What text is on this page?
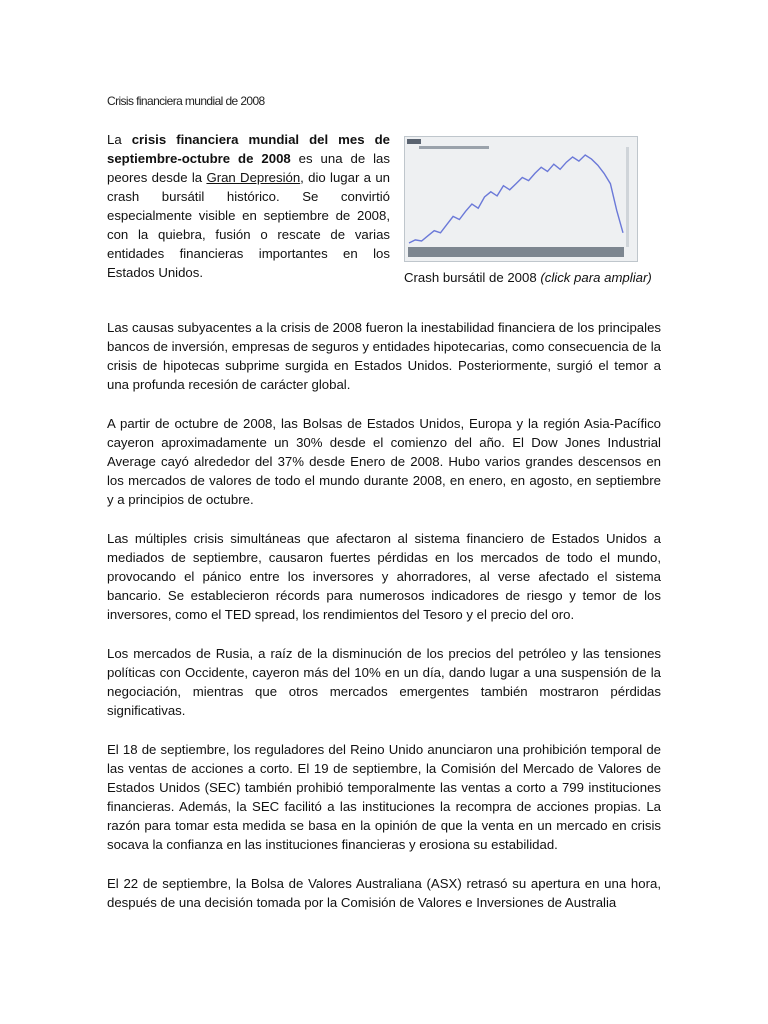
Crisis financiera mundial de 2008
La crisis financiera mundial del mes de septiembre-octubre de 2008 es una de las peores desde la Gran Depresión, dio lugar a un crash bursátil histórico. Se convirtió especialmente visible en septiembre de 2008, con la quiebra, fusión o rescate de varias entidades financieras importantes en los Estados Unidos.	Crash bursátil de 2008 (click para ampliar)

Las causas subyacentes a la crisis de 2008 fueron la inestabilidad financiera de los principales bancos de inversión, empresas de seguros y entidades hipotecarias, como consecuencia de la crisis de hipotecas subprime surgida en Estados Unidos. Posteriormente, surgió el temor a una profunda recesión de carácter global.

A partir de octubre de 2008, las Bolsas de Estados Unidos, Europa y la región Asia-Pacífico cayeron aproximadamente un 30% desde el comienzo del año. El Dow Jones Industrial Average cayó alrededor del 37% desde Enero de 2008. Hubo varios grandes descensos en los mercados de valores de todo el mundo durante 2008, en enero, en agosto, en septiembre y a principios de octubre.

Las múltiples crisis simultáneas que afectaron al sistema financiero de Estados Unidos a mediados de septiembre, causaron fuertes pérdidas en los mercados de todo el mundo, provocando el pánico entre los inversores y ahorradores, al verse afectado el sistema bancario. Se establecieron récords para numerosos indicadores de riesgo y temor de los inversores, como el TED spread, los rendimientos del Tesoro y el precio del oro.

Los mercados de Rusia, a raíz de la disminución de los precios del petróleo y las tensiones políticas con Occidente, cayeron más del 10% en un día, dando lugar a una suspensión de la negociación, mientras que otros mercados emergentes también mostraron pérdidas significativas.

El 18 de septiembre, los reguladores del Reino Unido anunciaron una prohibición temporal de las ventas de acciones a corto. El 19 de septiembre, la Comisión del Mercado de Valores de Estados Unidos (SEC) también prohibió temporalmente las ventas a corto a 799 instituciones financieras. Además, la SEC facilitó a las instituciones la recompra de acciones propias. La razón para tomar esta medida se basa en la opinión de que la venta en un mercado en crisis socava la confianza en las instituciones financieras y erosiona su estabilidad.

El 22 de septiembre, la Bolsa de Valores Australiana (ASX) retrasó su apertura en una hora, después de una decisión tomada por la Comisión de Valores e Inversiones de Australia
